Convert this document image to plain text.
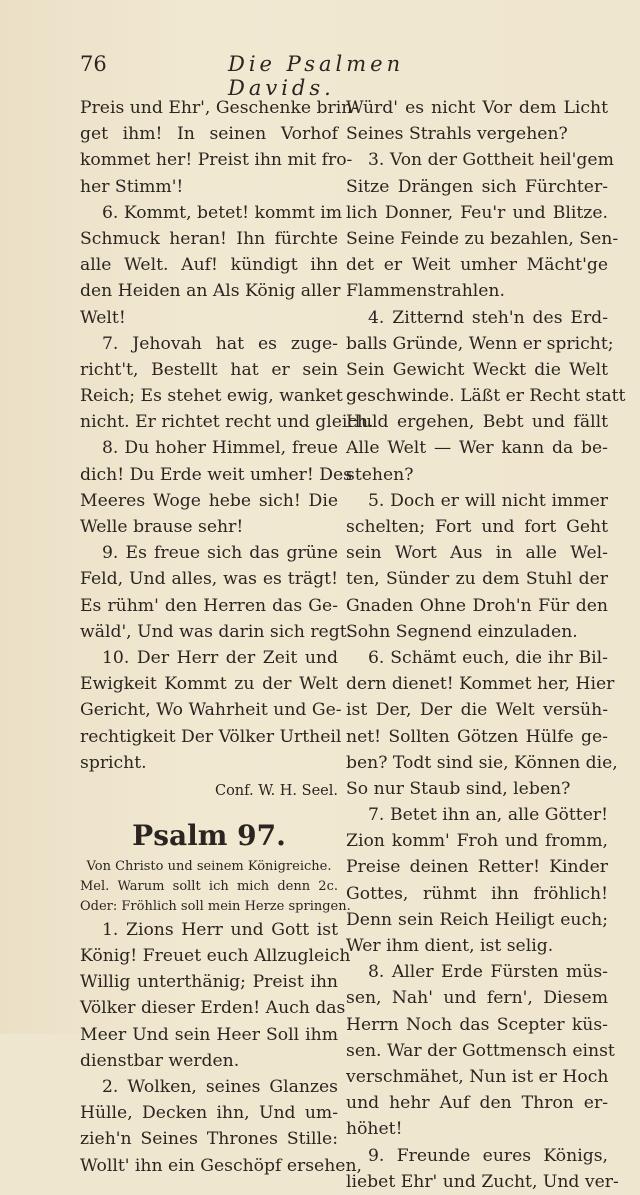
76	Die Psalmen Davids.
Preis und Ehr', Geschenke brin-
get ihm! In seinen Vorhof
kommet her! Preist ihn mit fro-
her Stimm'!
6. Kommt, betet! kommt im
Schmuck heran! Ihn fürchte
alle Welt. Auf! kündigt ihn
den Heiden an Als König aller
Welt!
7. Jehovah hat es zuge-
richt't, Bestellt hat er sein
Reich; Es stehet ewig, wanket
nicht. Er richtet recht und gleich.
8. Du hoher Himmel, freue
dich! Du Erde weit umher! Des
Meeres Woge hebe sich! Die
Welle brause sehr!
9. Es freue sich das grüne
Feld, Und alles, was es trägt!
Es rühm' den Herren das Ge-
wäld', Und was darin sich regt.
10. Der Herr der Zeit und
Ewigkeit Kommt zu der Welt
Gericht, Wo Wahrheit und Ge-
rechtigkeit Der Völker Urtheil
spricht.
Conf. W. H. Seel.
Psalm 97.
Von Christo und seinem Königreiche.
Mel. Warum sollt ich mich denn 2c.
Oder: Fröhlich soll mein Herze springen.
1. Zions Herr und Gott ist
König! Freuet euch Allzugleich
Willig unterthänig; Preist ihn
Völker dieser Erden! Auch das
Meer Und sein Heer Soll ihm
dienstbar werden.
2. Wolken, seines Glanzes
Hülle, Decken ihn, Und um-
zieh'n Seines Thrones Stille:
Wollt' ihn ein Geschöpf ersehen,
Würd' es nicht Vor dem Licht
Seines Strahls vergehen?
3. Von der Gottheit heil'gem
Sitze Drängen sich Fürchter-
lich Donner, Feu'r und Blitze.
Seine Feinde zu bezahlen, Sen-
det er Weit umher Mächt'ge
Flammenstrahlen.
4. Zitternd steh'n des Erd-
balls Gründe, Wenn er spricht;
Sein Gewicht Weckt die Welt
geschwinde. Läßt er Recht statt
Huld ergehen, Bebt und fällt
Alle Welt — Wer kann da be-
stehen?
5. Doch er will nicht immer
schelten; Fort und fort Geht
sein Wort Aus in alle Wel-
ten, Sünder zu dem Stuhl der
Gnaden Ohne Droh'n Für den
Sohn Segnend einzuladen.
6. Schämt euch, die ihr Bil-
dern dienet! Kommet her, Hier
ist Der, Der die Welt versüh-
net! Sollten Götzen Hülfe ge-
ben? Todt sind sie, Können die,
So nur Staub sind, leben?
7. Betet ihn an, alle Götter!
Zion komm' Froh und fromm,
Preise deinen Retter! Kinder
Gottes, rühmt ihn fröhlich!
Denn sein Reich Heiligt euch;
Wer ihm dient, ist selig.
8. Aller Erde Fürsten müs-
sen, Nah' und fern', Diesem
Herrn Noch das Scepter küs-
sen. War der Gottmensch einst
verschmähet, Nun ist er Hoch
und hehr Auf den Thron er-
höhet!
9. Freunde eures Königs,
liebet Ehr' und Zucht, Und ver-
